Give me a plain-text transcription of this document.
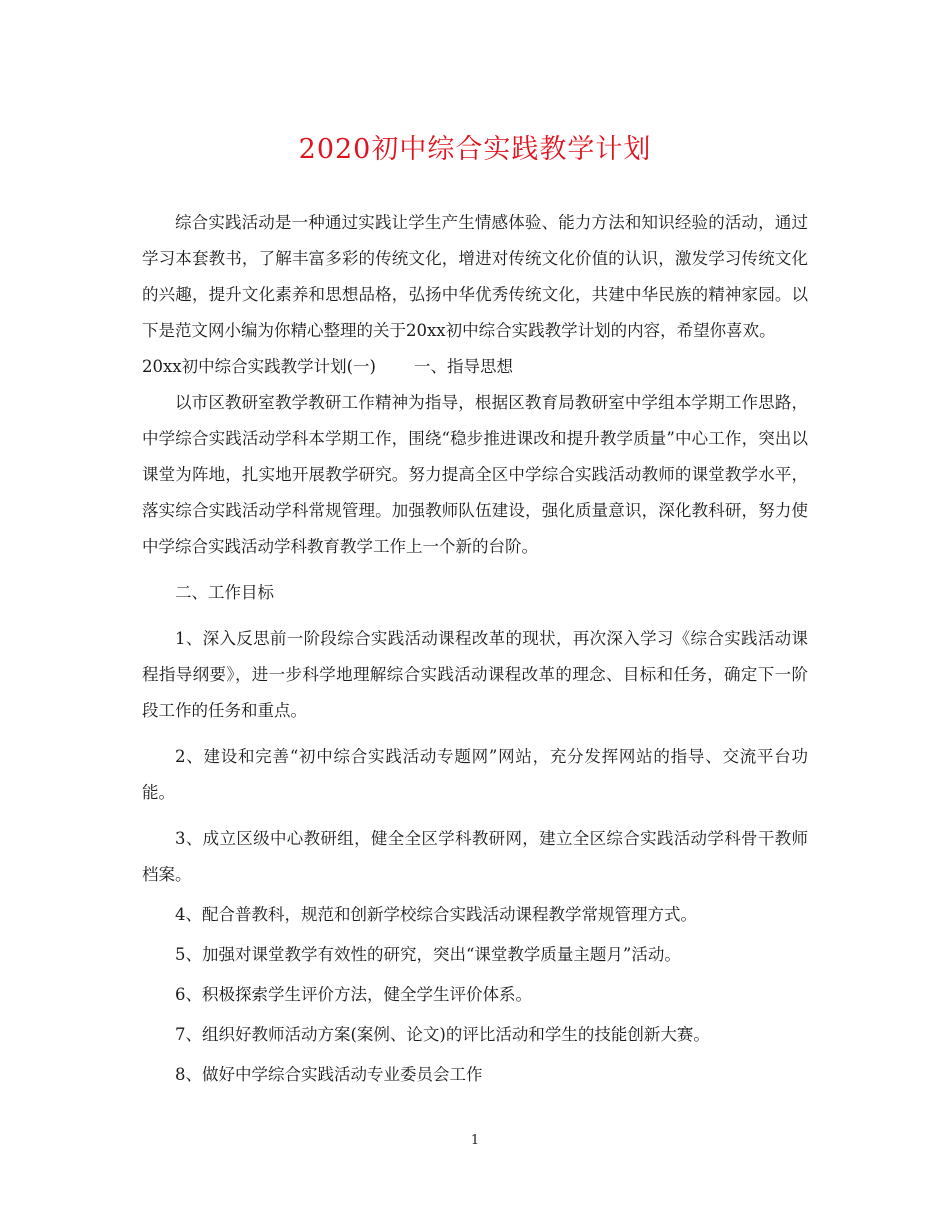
2020初中综合实践教学计划

综合实践活动是一种通过实践让学生产生情感体验、能力方法和知识经验的活动，通过学习本套教书，了解丰富多彩的传统文化，增进对传统文化价值的认识，激发学习传统文化的兴趣，提升文化素养和思想品格，弘扬中华优秀传统文化，共建中华民族的精神家园。以下是范文网小编为你精心整理的关于20xx初中综合实践教学计划的内容，希望你喜欢。

20xx初中综合实践教学计划(一) 一、指导思想

以市区教研室教学教研工作精神为指导，根据区教育局教研室中学组本学期工作思路，中学综合实践活动学科本学期工作，围绕“稳步推进课改和提升教学质量”中心工作，突出以课堂为阵地，扎实地开展教学研究。努力提高全区中学综合实践活动教师的课堂教学水平，落实综合实践活动学科常规管理。加强教师队伍建设，强化质量意识，深化教科研，努力使中学综合实践活动学科教育教学工作上一个新的台阶。

二、工作目标

1、深入反思前一阶段综合实践活动课程改革的现状，再次深入学习《综合实践活动课程指导纲要》，进一步科学地理解综合实践活动课程改革的理念、目标和任务，确定下一阶段工作的任务和重点。

2、建设和完善“初中综合实践活动专题网”网站，充分发挥网站的指导、交流平台功能。

3、成立区级中心教研组，健全全区学科教研网，建立全区综合实践活动学科骨干教师档案。

4、配合普教科，规范和创新学校综合实践活动课程教学常规管理方式。

5、加强对课堂教学有效性的研究，突出“课堂教学质量主题月”活动。

6、积极探索学生评价方法，健全学生评价体系。

7、组织好教师活动方案(案例、论文)的评比活动和学生的技能创新大赛。

8、做好中学综合实践活动专业委员会工作

1
